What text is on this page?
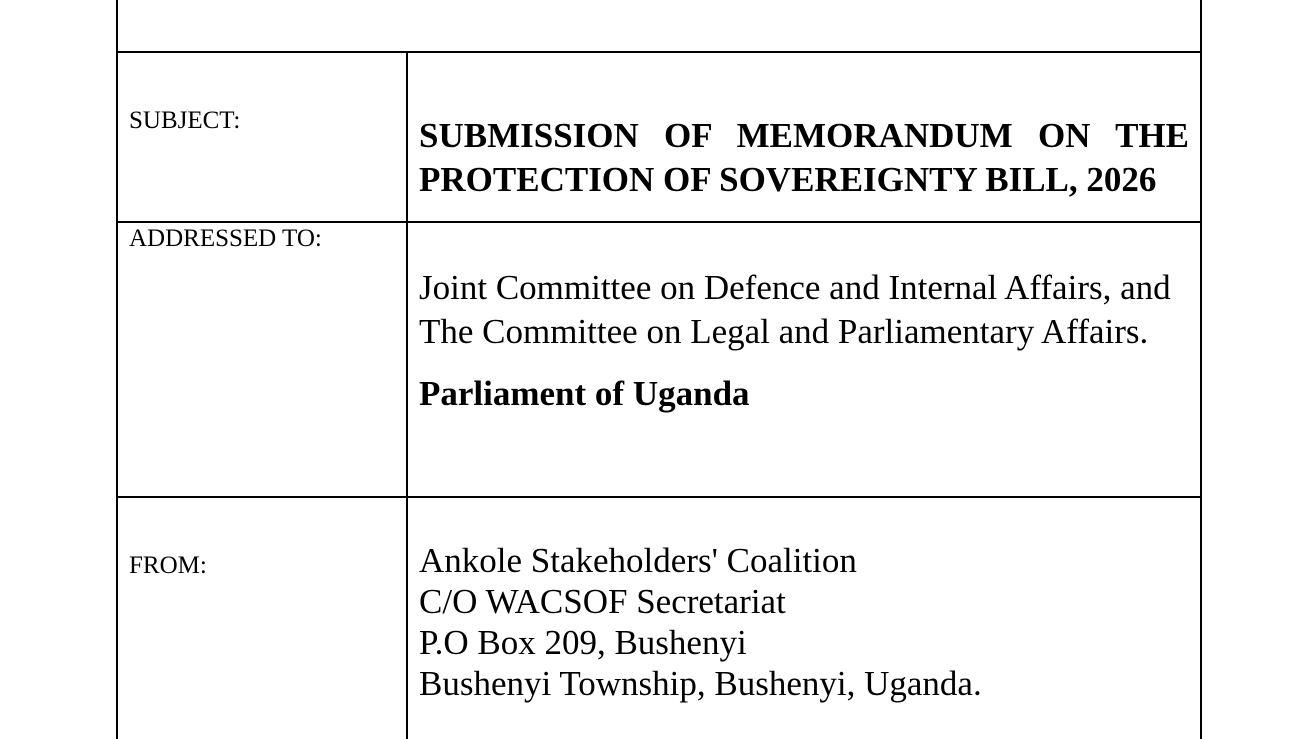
SUBJECT:	SUBMISSION OF MEMORANDUM ON THE
PROTECTION OF SOVEREIGNTY BILL, 2026
ADDRESSED TO:
Joint Committee on Defence and Internal Affairs, and
The Committee on Legal and Parliamentary Affairs.
Parliament of Uganda
FROM:	Ankole Stakeholders' Coalition
C/O WACSOF Secretariat
P.O Box 209, Bushenyi
Bushenyi Township, Bushenyi, Uganda.
